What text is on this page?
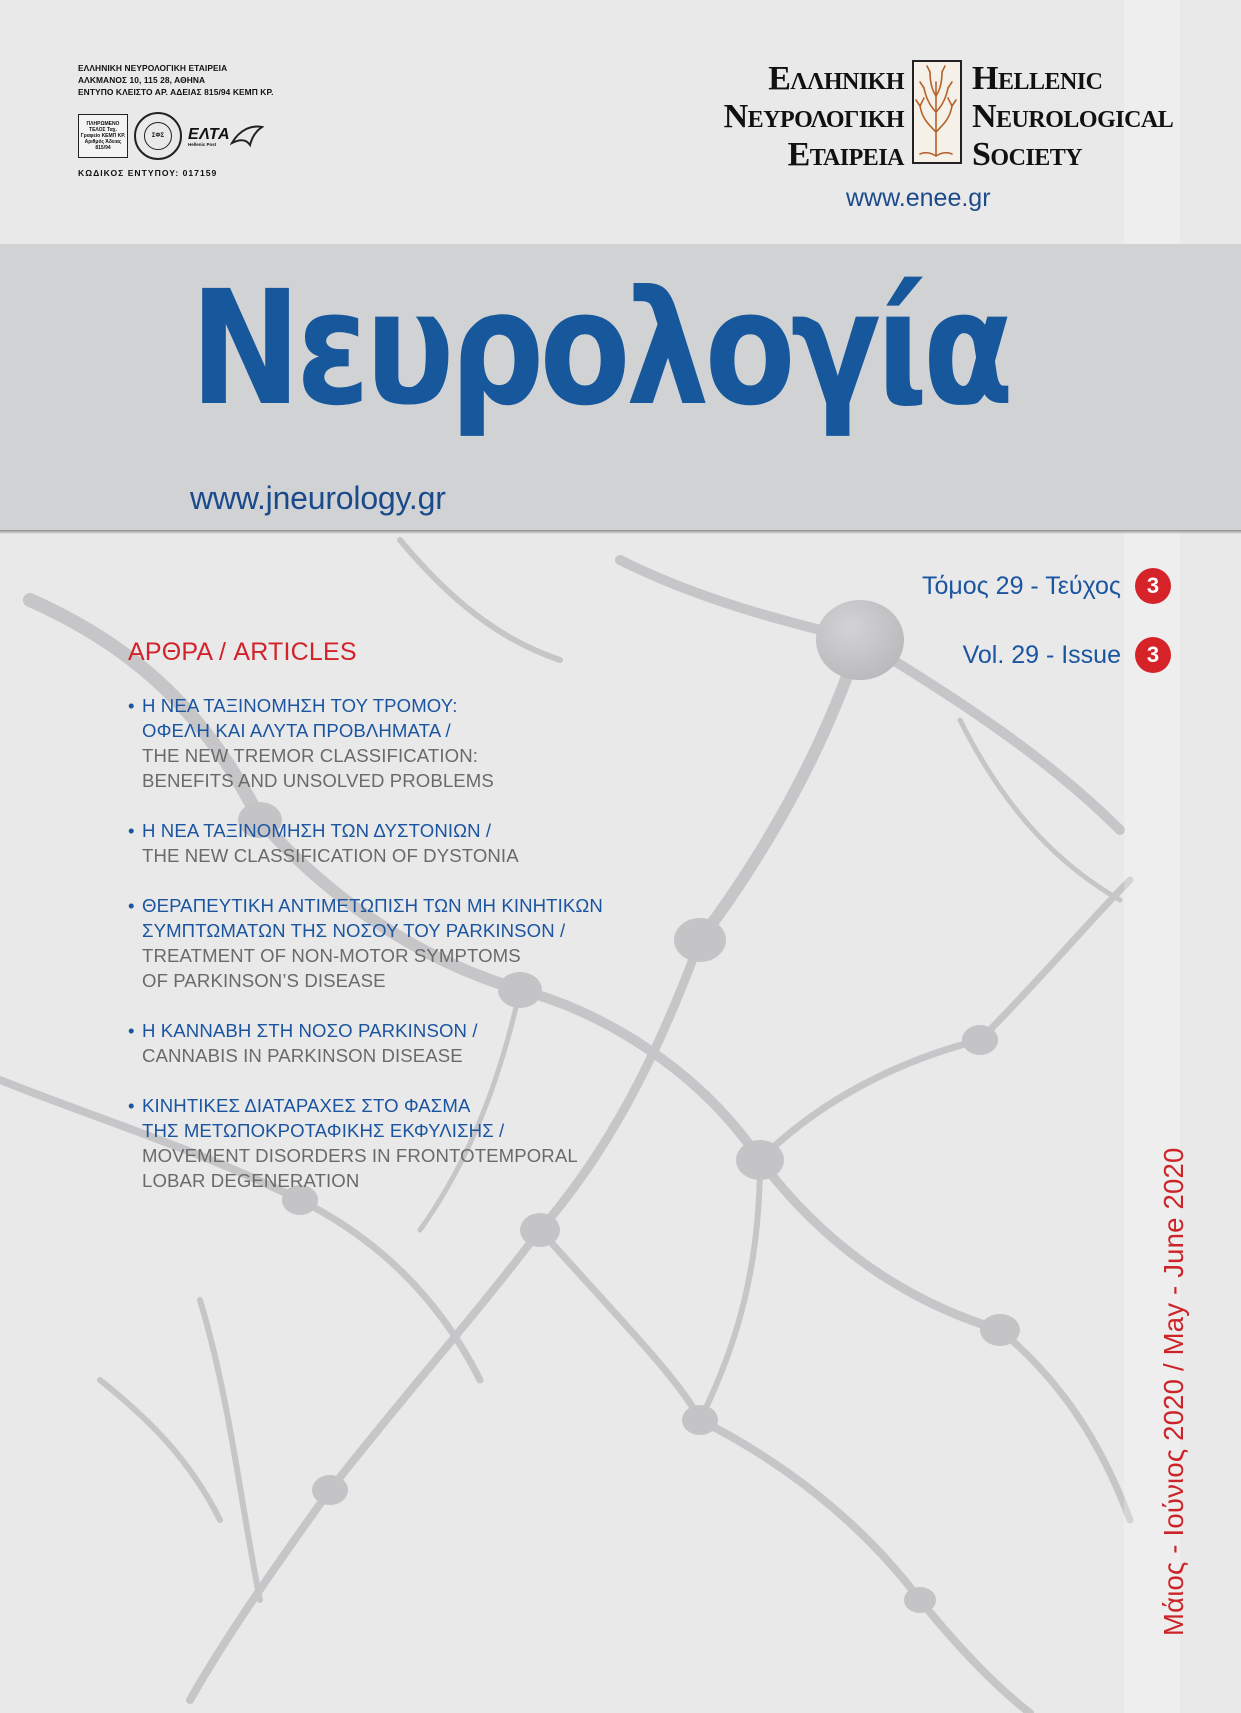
ΕΛΛΗΝΙΚΗ ΝΕΥΡΟΛΟΓΙΚΗ ΕΤΑΙΡΕΙΑ
ΑΛΚΜΑΝΟΣ 10, 115 28, ΑΘΗΝΑ
ΕΝΤΥΠΟ ΚΛΕΙΣΤΟ ΑΡ. ΑΔΕΙΑΣ 815/94 ΚΕΜΠ ΚΡ.
ΠΛΗΡΩΜΕΝΟ ΤΕΛΟΣ Ταχ. Γραφείο ΚΕΜΠ ΚΡ. Αριθμός Άδειας 815/94
ΣΦΣ	ΕΛΤΑ
Hellenic Post
ΚΩΔΙΚΟΣ ΕΝΤΥΠΟΥ: 017159
Ελληνικη
Νευρολογικη
Εταιρεια
Hellenic
Neurological
Society
www.enee.gr
Νευρολογία
www.jneurology.gr
Τόμος 29 - Τεύχος	3
Vol. 29 - Issue	3
ΑΡΘΡΑ / ARTICLES
• Η ΝΕΑ ΤΑΞΙΝΟΜΗΣΗ ΤΟΥ ΤΡΟΜΟΥ:
ΟΦΕΛΗ ΚΑΙ ΑΛΥΤΑ ΠΡΟΒΛΗΜΑΤΑ /
THE NEW TREMOR CLASSIFICATION:
BENEFITS AND UNSOLVED PROBLEMS
• Η ΝΕΑ ΤΑΞΙΝΟΜΗΣΗ ΤΩΝ ΔΥΣΤΟΝΙΩΝ /
THE NEW CLASSIFICATION OF DYSTONIA
• ΘΕΡΑΠΕΥΤΙΚΗ ΑΝΤΙΜΕΤΩΠΙΣΗ ΤΩΝ ΜΗ ΚΙΝΗΤΙΚΩΝ
ΣΥΜΠΤΩΜΑΤΩΝ ΤΗΣ ΝΟΣΟΥ ΤΟΥ PARKINSON /
TREATMENT OF NON-MOTOR SYMPTOMS
OF PARKINSON’S DISEASE
• Η ΚΑΝΝΑΒΗ ΣΤΗ ΝΟΣΟ PARKINSON /
CANNABIS IN PARKINSON DISEASE
• ΚΙΝΗΤΙΚΕΣ ΔΙΑΤΑΡΑΧΕΣ ΣΤΟ ΦΑΣΜΑ
ΤΗΣ ΜΕΤΩΠΟΚΡΟΤΑΦΙΚΗΣ ΕΚΦΥΛΙΣΗΣ /
MOVEMENT DISORDERS IN FRONTOTEMPORAL
LOBAR DEGENERATION	Μάιος - Ιούνιος 2020 / May - June 2020
